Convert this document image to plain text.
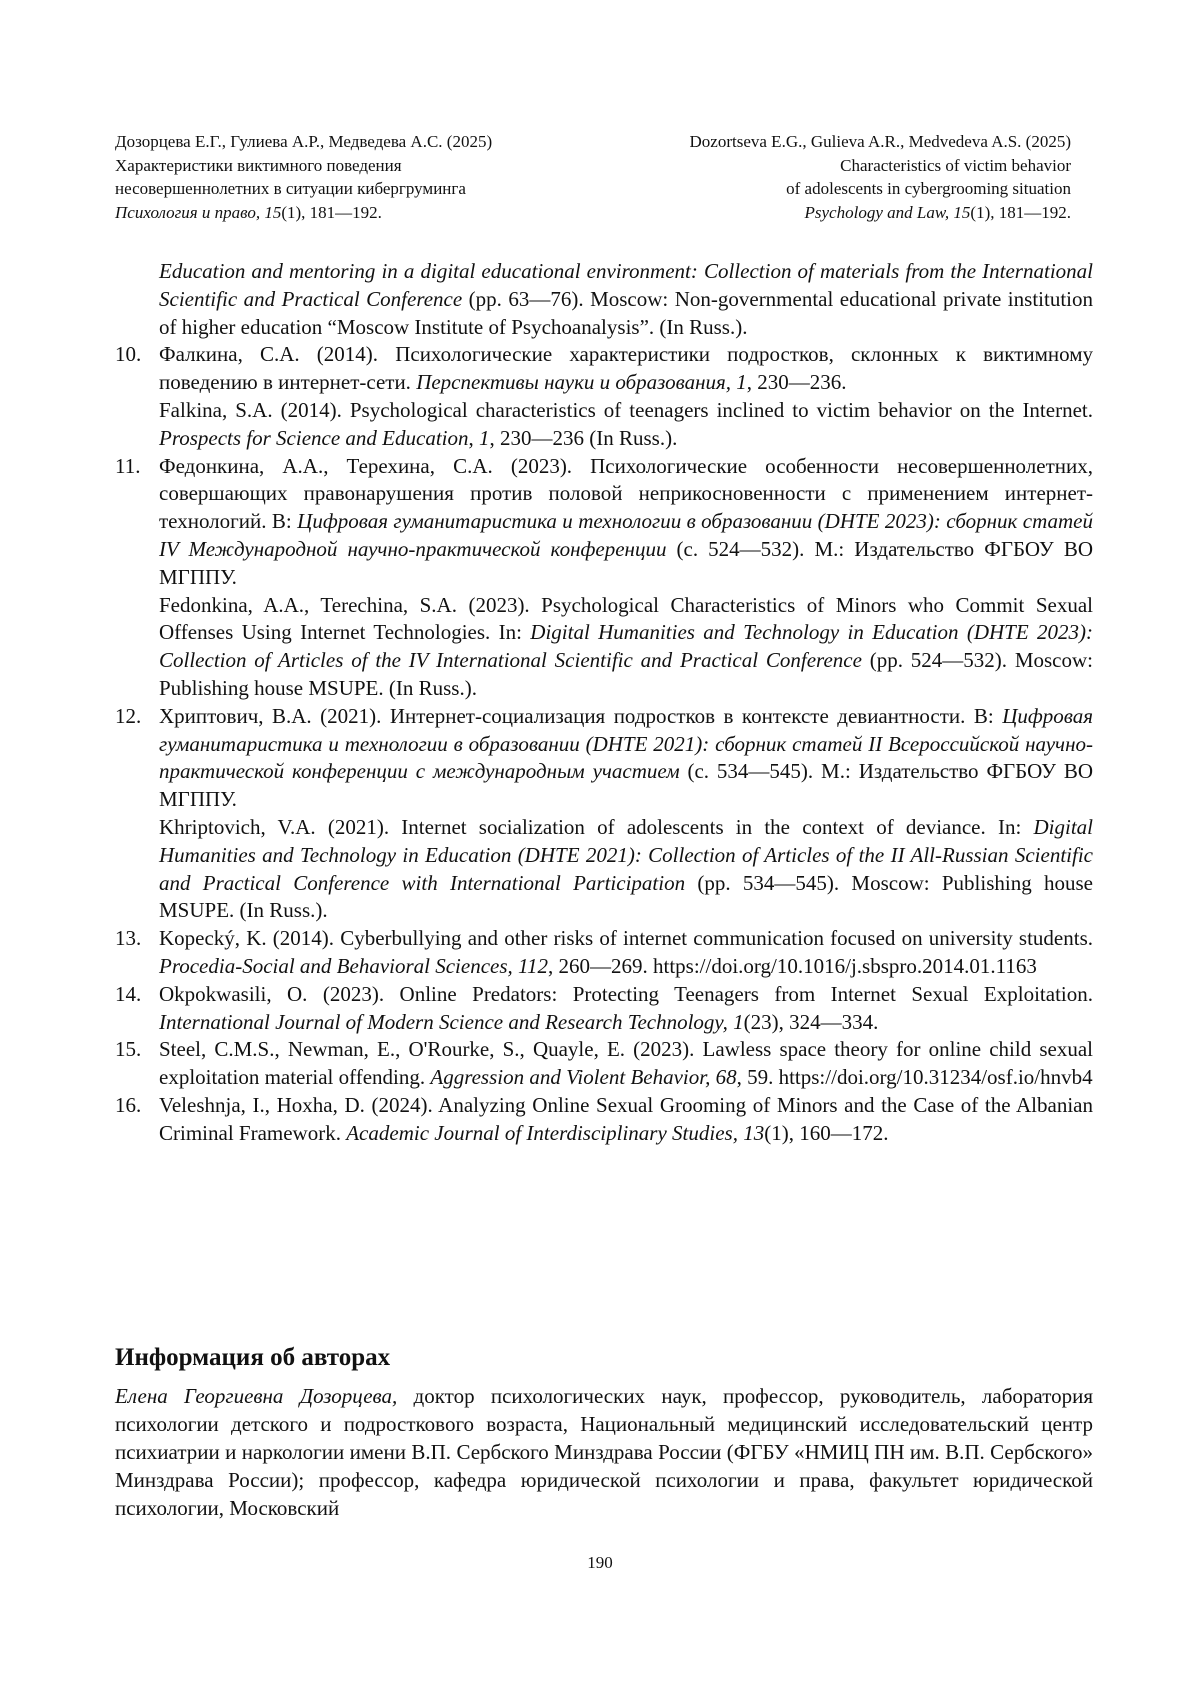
Дозорцева Е.Г., Гулиева А.Р., Медведева А.С. (2025)
Характеристики виктимного поведения
несовершеннолетних в ситуации кибергруминга
Психология и право, 15(1), 181—192.
Dozortseva E.G., Gulieva A.R., Medvedeva A.S. (2025)
Characteristics of victim behavior
of adolescents in cybergrooming situation
Psychology and Law, 15(1), 181—192.

Education and mentoring in a digital educational environment: Collection of materials from the International Scientific and Practical Conference (pp. 63—76). Moscow: Non-governmental educational private institution of higher education “Moscow Institute of Psychoanalysis”. (In Russ.).

10. Фалкина, С.А. (2014). Психологические характеристики подростков, склонных к виктимному поведению в интернет-сети. Перспективы науки и образования, 1, 230—236.

Falkina, S.A. (2014). Psychological characteristics of teenagers inclined to victim behavior on the Internet. Prospects for Science and Education, 1, 230—236 (In Russ.).

11. Федонкина, А.А., Терехина, С.А. (2023). Психологические особенности несовершеннолетних, совершающих правонарушения против половой неприкосновенности с применением интернет-технологий. В: Цифровая гуманитаристика и технологии в образовании (DHTE 2023): сборник статей IV Международной научно-практической конференции (с. 524—532). М.: Издательство ФГБОУ ВО МГППУ.

Fedonkina, A.A., Terechina, S.A. (2023). Psychological Characteristics of Minors who Commit Sexual Offenses Using Internet Technologies. In: Digital Humanities and Technology in Education (DHTE 2023): Collection of Articles of the IV International Scientific and Practical Conference (pp. 524—532). Moscow: Publishing house MSUPE. (In Russ.).

12. Хриптович, В.А. (2021). Интернет-социализация подростков в контексте девиантности. В: Цифровая гуманитаристика и технологии в образовании (DHTE 2021): сборник статей II Всероссийской научно-практической конференции с международным участием (с. 534—545). М.: Издательство ФГБОУ ВО МГППУ.

Khriptovich, V.A. (2021). Internet socialization of adolescents in the context of deviance. In: Digital Humanities and Technology in Education (DHTE 2021): Collection of Articles of the II All-Russian Scientific and Practical Conference with International Participation (pp. 534—545). Moscow: Publishing house MSUPE. (In Russ.).

13. Kopecký, K. (2014). Cyberbullying and other risks of internet communication focused on university students. Procedia-Social and Behavioral Sciences, 112, 260—269. https://doi.org/10.1016/j.sbspro.2014.01.1163

14. Okpokwasili, O. (2023). Online Predators: Protecting Teenagers from Internet Sexual Exploitation. International Journal of Modern Science and Research Technology, 1(23), 324—334.

15. Steel, C.M.S., Newman, E., O'Rourke, S., Quayle, E. (2023). Lawless space theory for online child sexual exploitation material offending. Aggression and Violent Behavior, 68, 59. https://doi.org/10.31234/osf.io/hnvb4

16. Veleshnja, I., Hoxha, D. (2024). Analyzing Online Sexual Grooming of Minors and the Case of the Albanian Criminal Framework. Academic Journal of Interdisciplinary Studies, 13(1), 160—172.

Информация об авторах

Елена Георгиевна Дозорцева, доктор психологических наук, профессор, руководитель, лаборатория психологии детского и подросткового возраста, Национальный медицинский исследовательский центр психиатрии и наркологии имени В.П. Сербского Минздрава России (ФГБУ «НМИЦ ПН им. В.П. Сербского» Минздрава России); профессор, кафедра юридической психологии и права, факультет юридической психологии, Московский

190
